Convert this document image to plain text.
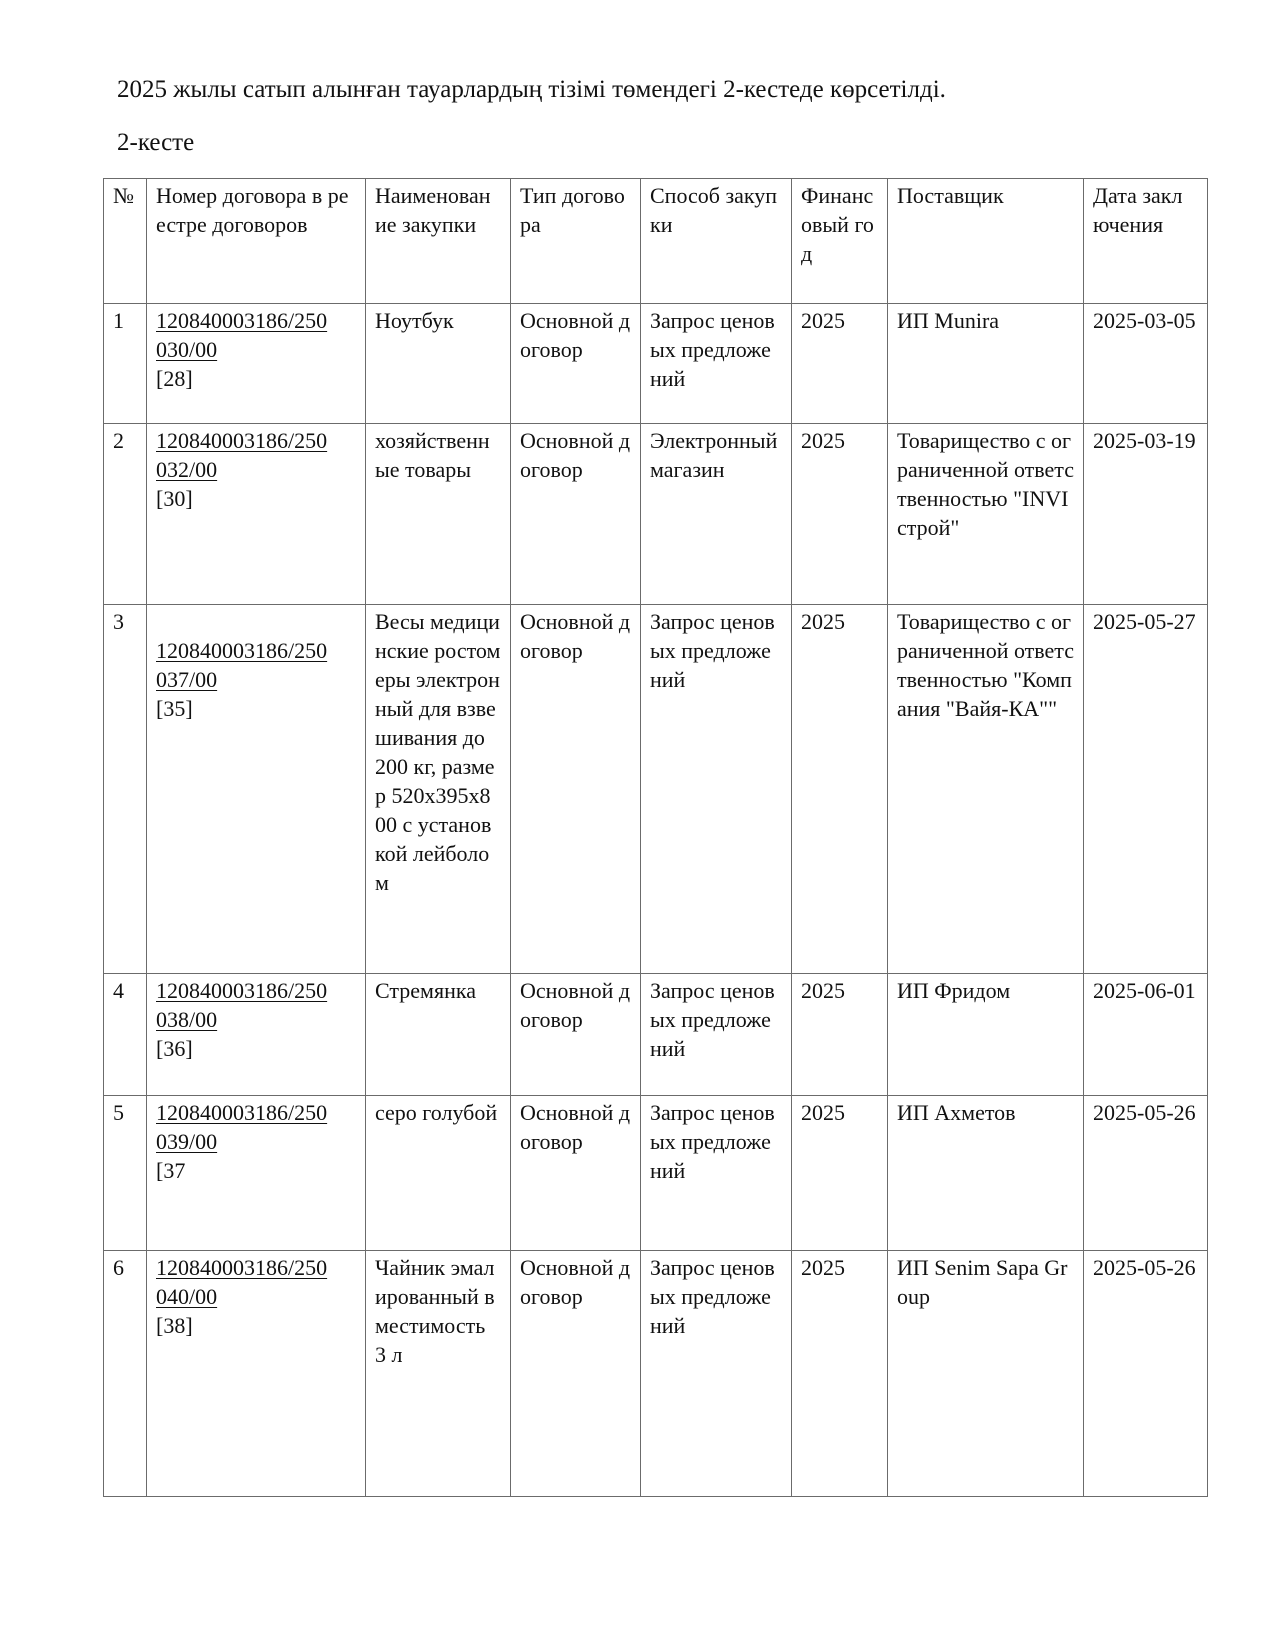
2025 жылы сатып алынған тауарлардың тізімі төмендегі 2-кестеде көрсетілді.

2-кесте

№	Номер договора в реестре договоров	Наименование закупки	Тип договора	Способ закупки	Финансовый год	Поставщик	Дата заключения
1	120840003186/250
030/00
[28]	Ноутбук	Основной договор	Запрос ценовых предложений	2025	ИП Munira	2025-03-05
2	120840003186/250
032/00
[30]	хозяйственные товары	Основной договор	Электронный магазин	2025	Товарищество с ограниченной ответственностью "INVI строй"	2025-03-19
3	120840003186/250
037/00
[35]	Весы медицинские ростомеры электронный для взвешивания до 200 кг, размер 520x395x800 с установкой лейболом	Основной договор	Запрос ценовых предложений	2025	Товарищество с ограниченной ответственностью "Компания "Вайя-КА""	2025-05-27
4	120840003186/250
038/00
[36]	Стремянка	Основной договор	Запрос ценовых предложений	2025	ИП Фридом	2025-06-01
5	120840003186/250
039/00
[37	серо голубой	Основной договор	Запрос ценовых предложений	2025	ИП Ахметов	2025-05-26
6	120840003186/250
040/00
[38]	Чайник эмалированный вместимость 3 л	Основной договор	Запрос ценовых предложений	2025	ИП Senim Sapa Group	2025-05-26
